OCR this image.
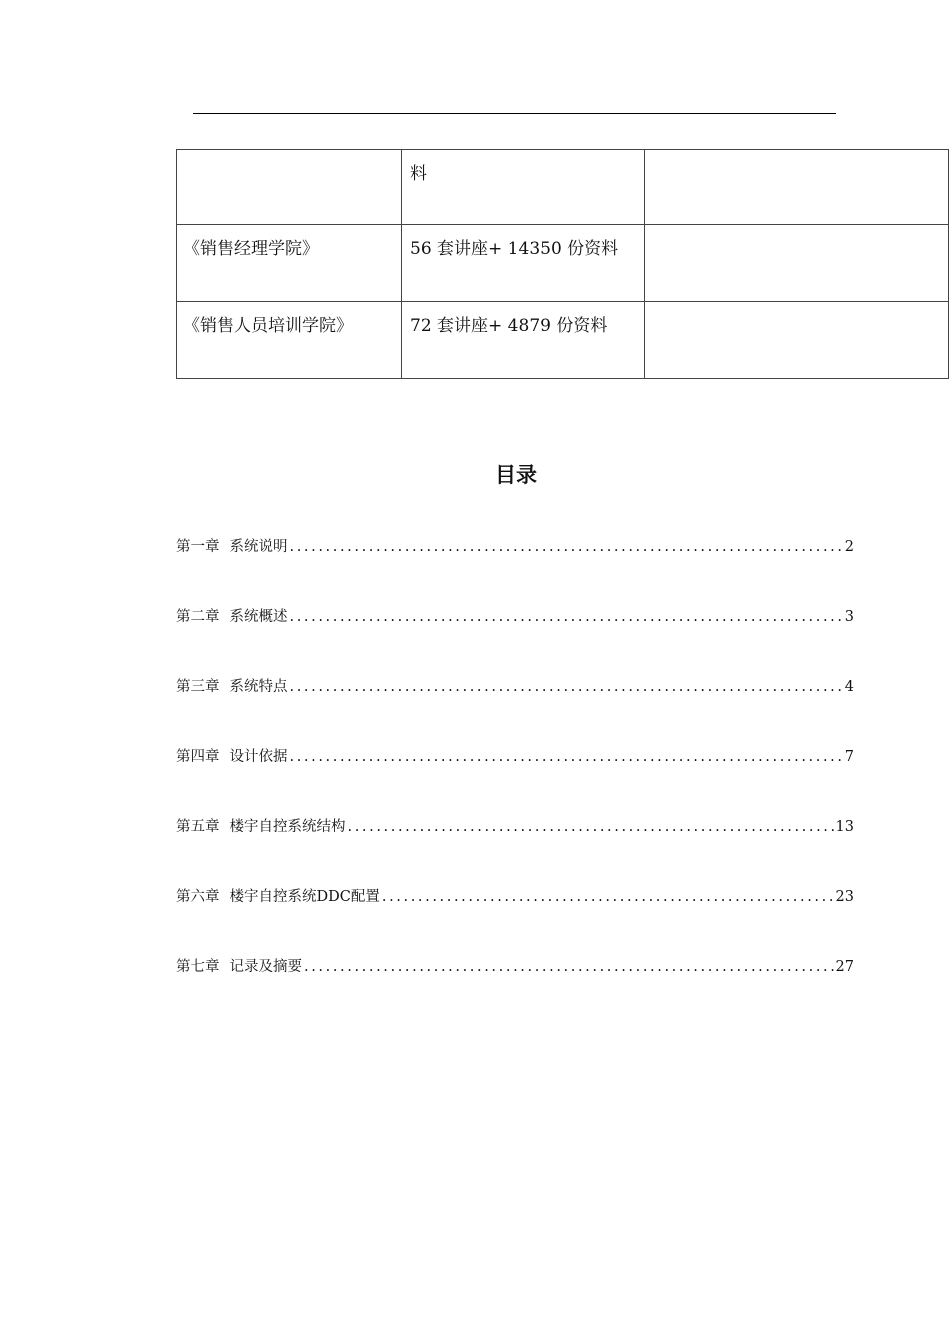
	料	
《销售经理学院》	56 套讲座+ 14350 份资料	
《销售人员培训学院》	72 套讲座+ 4879 份资料	
目录
第一章 系统说明 .....	2
第二章 系统概述 .....	3
第三章 系统特点 .....	4
第四章 设计依据 .....	7
第五章 楼宇自控系统结构 .....	13
第六章 楼宇自控系统DDC配置 .....	23
第七章 记录及摘要 .....	27
